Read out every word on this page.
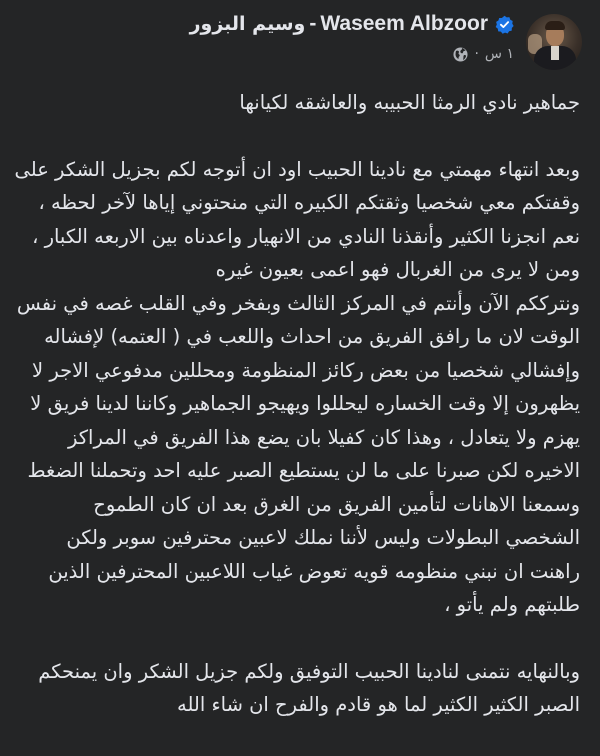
وسيم البزور - Waseem Albzoor
١ س
·

جماهير نادي الرمثا الحبيبه والعاشقه لكيانها

وبعد انتهاء مهمتي مع نادينا الحبيب اود ان أتوجه لكم بجزيل الشكر على وقفتكم معي شخصيا وثقتكم الكبيره التي منحتوني إياها لآخر لحظه ،

نعم انجزنا الكثير وأنقذنا النادي من الانهيار واعدناه بين الاربعه الكبار ، ومن لا يرى من الغربال فهو اعمى بعيون غيره

ونترككم الآن وأنتم في المركز الثالث وبفخر وفي القلب غصه في نفس الوقت لان ما رافق الفريق من احداث واللعب في ( العتمه) لإفشاله وإفشالي شخصيا من بعض ركائز المنظومة ومحللين مدفوعي الاجر لا يظهرون إلا وقت الخساره ليحللوا ويهيجو الجماهير وكاننا لدينا فريق لا يهزم ولا يتعادل ، وهذا كان كفيلا بان يضع هذا الفريق في المراكز الاخيره لكن صبرنا على ما لن يستطيع الصبر عليه احد وتحملنا الضغط وسمعنا الاهانات لتأمين الفريق من الغرق بعد ان كان الطموح الشخصي البطولات وليس لأننا نملك لاعبين محترفين سوبر ولكن راهنت ان نبني منظومه قويه تعوض غياب اللاعبين المحترفين الذين طلبتهم ولم يأتو ،

وبالنهايه نتمنى لنادينا الحبيب التوفيق ولكم جزيل الشكر وان يمنحكم الصبر الكثير الكثير لما هو قادم والفرح ان شاء الله
